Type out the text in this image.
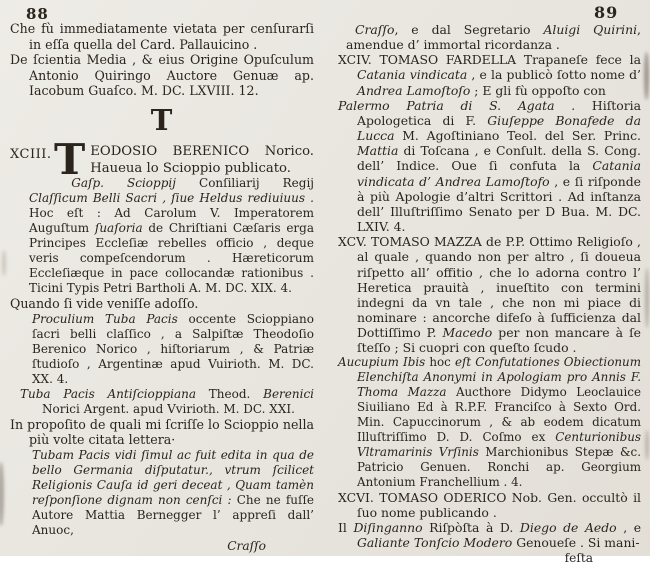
88	89

Che fù immediatamente vietata per cenſurarſi in eſſa quella del Card. Pallauicino .

De ſcientia Media , & eius Origine Opuſculum Antonio Quiringo Auctore Genuæ ap. Iacobum Guaſco. M. DC. LXVIII. 12.

T

XCIII. T EODOSIO BERENICO Norico. Haueua lo Scioppio publicato.

Gaſp. Scioppij Conſiliarij Regij Claſſicum Belli Sacri , ſiue Heldus rediuiuus . Hoc eſt : Ad Carolum V. Imperatorem Auguſtum ſuaſoria de Chriſtiani Cæſaris erga Principes Eccleſiæ rebelles officio , deque veris compeſcendorum . Hæreticorum Eccleſiæque in pace collocandæ rationibus . Ticini Typis Petri Bartholi A. M. DC. XIX. 4.

Quando ſi vide veniſſe adoſſo.

Proculium Tuba Pacis occente Scioppiano ſacri belli claſſico , a Salpiſtæ Theodoſio Berenico Norico , hiſtoriarum , & Patriæ ſtudioſo , Argentinæ apud Vuirioth. M. DC. XX. 4.

Tuba Pacis Antiſcioppiana Theod. Berenici Norici Argent. apud Vvirioth. M. DC. XXI.

In propoſito de quali mi ſcriſſe lo Scioppio nella più volte citata lettera·

Tubam Pacis vidi ſimul ac fuit edita in qua de bello Germania diſputatur., vtrum ſcilicet Religionis Cauſa id geri deceat , Quam tamèn reſponſione dignam non cenſci : Che ne fuſſe Autore Mattia Bernegger l’ appreſi dall’ Anuoc,

Craſſo

Craſſo, e dal Segretario Aluigi Quirini, amendue d’ immortal ricordanza .

XCIV. TOMASO FARDELLA Trapaneſe fece la Catania vindicata , e la publicò ſotto nome d’ Andrea Lamoſtoſo ; E gli fù oppoſto con

Palermo Patria di S. Agata . Hiſtoria Apologetica di F. Giuſeppe Bonafede da Lucca M. Agoſtiniano Teol. del Ser. Princ. Mattia di Toſcana , e Conſult. della S. Cong. dell’ Indice. Oue ſi confuta la Catania vindicata d’ Andrea Lamoſtofo , e ſi riſponde à più Apologie d’altri Scrittori . Ad inſtanza dell’ Illuſtriſſimo Senato per D Bua. M. DC. LXIV. 4.

XCV. TOMASO MAZZA de P.P. Ottimo Religioſo , al quale , quando non per altro , ſi doueua riſpetto all’ offitio , che lo adorna contro l’ Heretica prauità , inueſtito con termini indegni da vn tale , che non mi piace di nominare : ancorche difeſo à ſufficienza dal Dottiſſimo P. Macedo per non mancare à ſe ſteſſo ; Si cuopri con queſto ſcudo .

Aucupium Ibis hoc eſt Confutationes Obiectionum Elenchiſta Anonymi in Apologiam pro Annis F. Thoma Mazza Aucthore Didymo Leoclauice Siuiliano Ed à R.P.F. Franciſco à Sexto Ord. Min. Capuccinorum , & ab eodem dicatum Illuſtriſſimo D. D. Coſmo ex Centurionibus Vltramarinis Vrſinis Marchionibus Stepæ &c. Patricio Genuen. Ronchi ap. Georgium Antonium Franchellium . 4.

XCVI. TOMASO ODERICO Nob. Gen. occultò il ſuo nome publicando .

Il Diſinganno Riſpòſta à D. Diego de Aedo , e Galiante Tonſcio Modero Genoueſe . Si mani-

feſta
